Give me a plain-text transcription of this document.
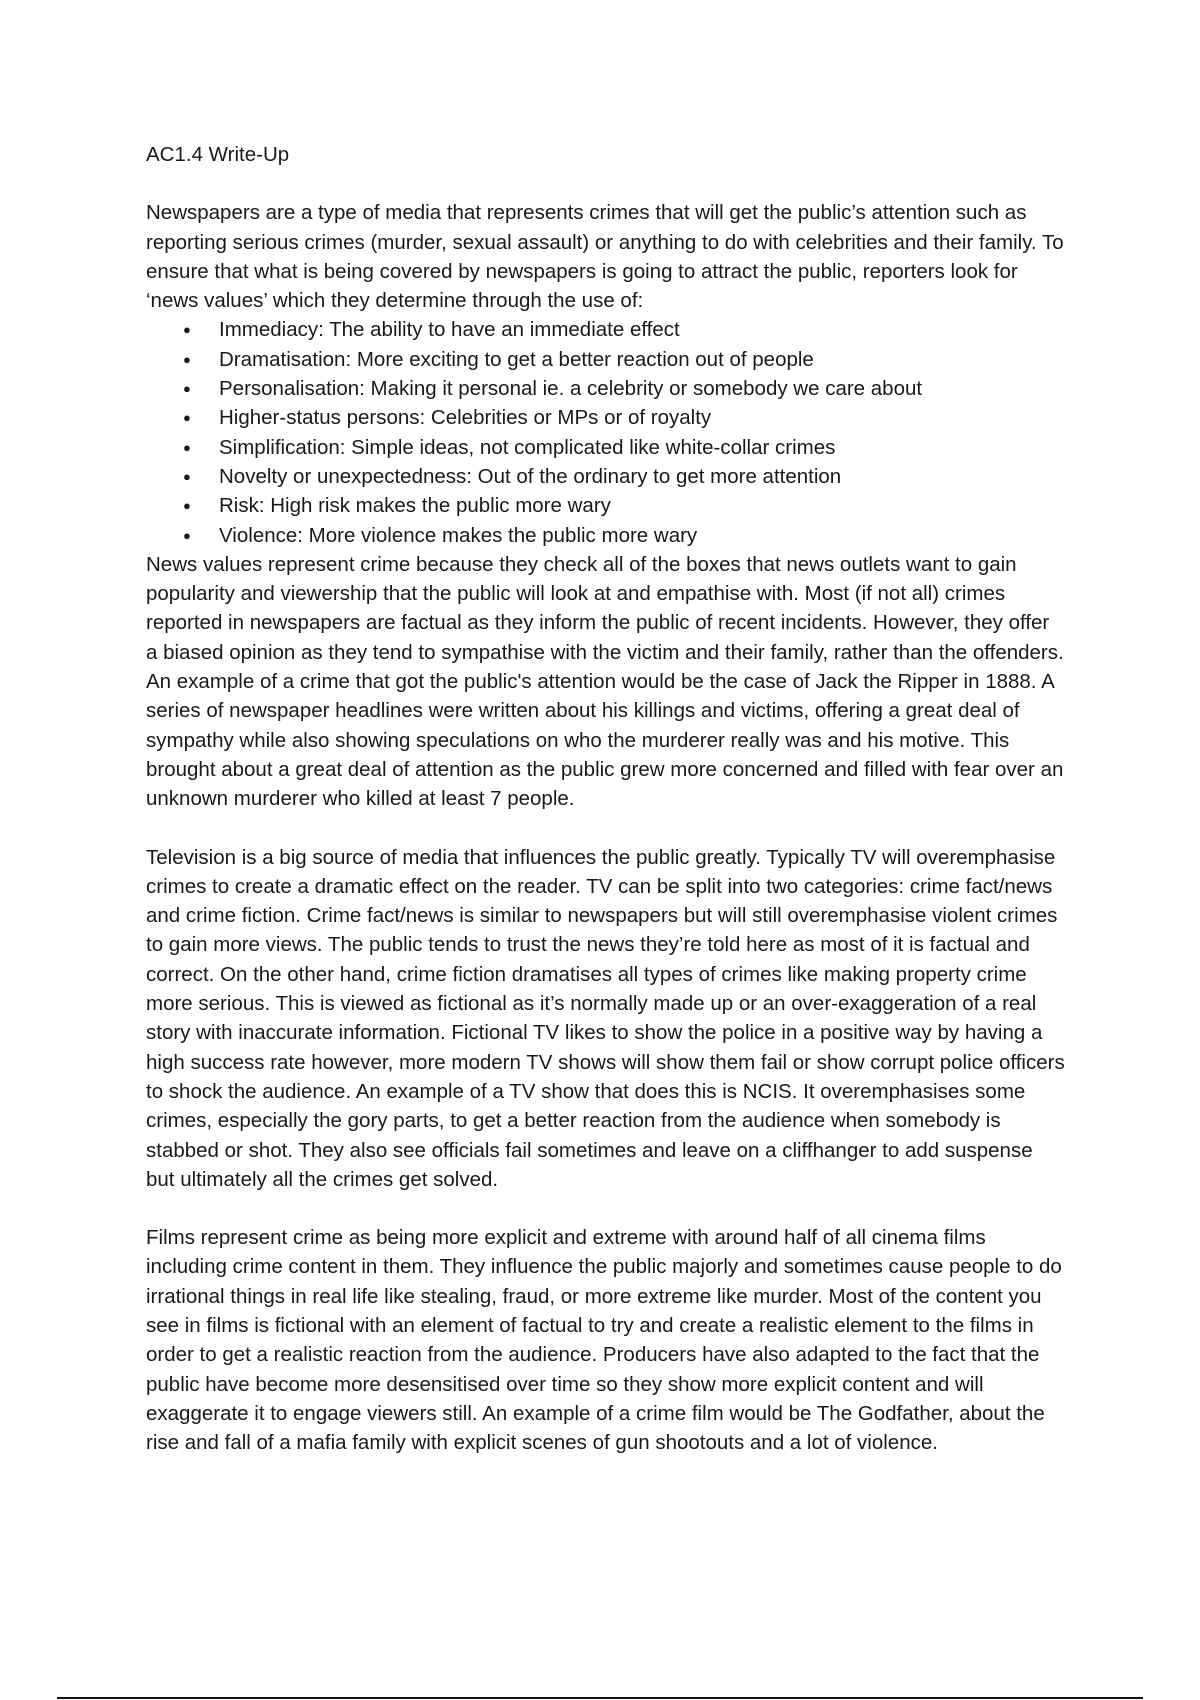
AC1.4 Write-Up

Newspapers are a type of media that represents crimes that will get the public’s attention such as reporting serious crimes (murder, sexual assault) or anything to do with celebrities and their family. To ensure that what is being covered by newspapers is going to attract the public, reporters look for ‘news values’ which they determine through the use of:

● Immediacy: The ability to have an immediate effect
● Dramatisation: More exciting to get a better reaction out of people
● Personalisation: Making it personal ie. a celebrity or somebody we care about
● Higher-status persons: Celebrities or MPs or of royalty
● Simplification: Simple ideas, not complicated like white-collar crimes
● Novelty or unexpectedness: Out of the ordinary to get more attention
● Risk: High risk makes the public more wary
● Violence: More violence makes the public more wary

News values represent crime because they check all of the boxes that news outlets want to gain popularity and viewership that the public will look at and empathise with. Most (if not all) crimes reported in newspapers are factual as they inform the public of recent incidents. However, they offer a biased opinion as they tend to sympathise with the victim and their family, rather than the offenders. An example of a crime that got the public's attention would be the case of Jack the Ripper in 1888. A series of newspaper headlines were written about his killings and victims, offering a great deal of sympathy while also showing speculations on who the murderer really was and his motive. This brought about a great deal of attention as the public grew more concerned and filled with fear over an unknown murderer who killed at least 7 people.

Television is a big source of media that influences the public greatly. Typically TV will overemphasise crimes to create a dramatic effect on the reader. TV can be split into two categories: crime fact/news and crime fiction. Crime fact/news is similar to newspapers but will still overemphasise violent crimes to gain more views. The public tends to trust the news they’re told here as most of it is factual and correct. On the other hand, crime fiction dramatises all types of crimes like making property crime more serious. This is viewed as fictional as it’s normally made up or an over-exaggeration of a real story with inaccurate information. Fictional TV likes to show the police in a positive way by having a high success rate however, more modern TV shows will show them fail or show corrupt police officers to shock the audience. An example of a TV show that does this is NCIS. It overemphasises some crimes, especially the gory parts, to get a better reaction from the audience when somebody is stabbed or shot. They also see officials fail sometimes and leave on a cliffhanger to add suspense but ultimately all the crimes get solved.

Films represent crime as being more explicit and extreme with around half of all cinema films including crime content in them. They influence the public majorly and sometimes cause people to do irrational things in real life like stealing, fraud, or more extreme like murder. Most of the content you see in films is fictional with an element of factual to try and create a realistic element to the films in order to get a realistic reaction from the audience. Producers have also adapted to the fact that the public have become more desensitised over time so they show more explicit content and will exaggerate it to engage viewers still. An example of a crime film would be The Godfather, about the rise and fall of a mafia family with explicit scenes of gun shootouts and a lot of violence.
